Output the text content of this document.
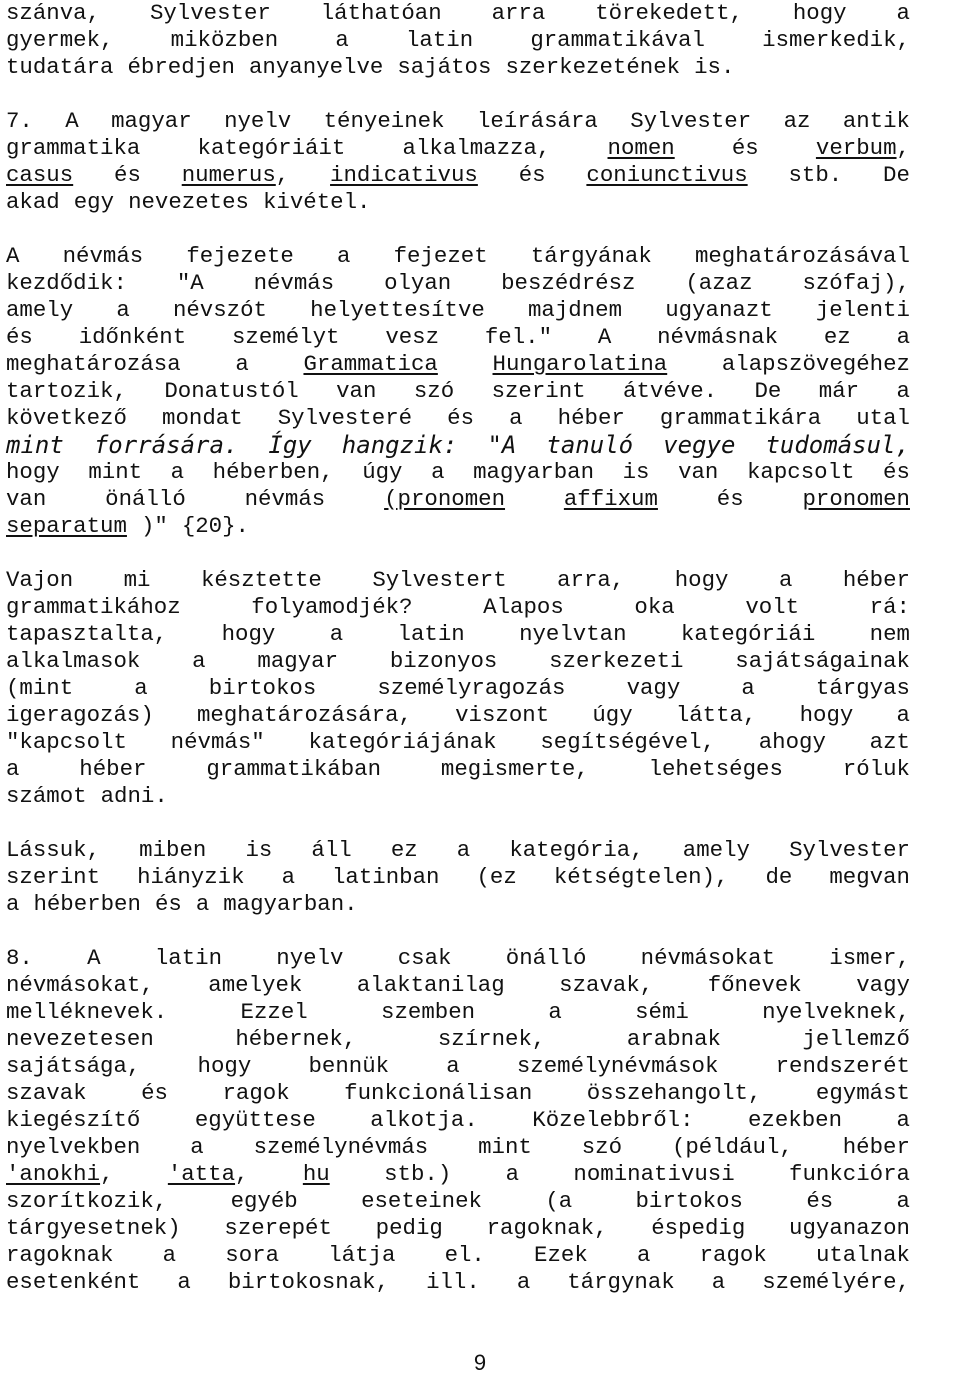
szánva, Sylvester láthatóan arra törekedett, hogy a
gyermek,	miközben	a	latin	grammatikával	ismerkedik,
tudatára ébredjen anyanyelve sajátos szerkezetének is.
7. A magyar nyelv tényeinek leírására Sylvester az antik
grammatika	kategóriáit	alkalmazza,	nomen	és	verbum,
casus és numerus, indicativus és coniunctivus stb. De
akad egy nevezetes kivétel.
A névmás fejezete a fejezet tárgyának meghatározásával
kezdődik: "A névmás olyan beszédrész (azaz szófaj),
amely a névszót helyettesítve majdnem ugyanazt jelenti
és időnként személyt vesz fel." A névmásnak ez a
meghatározása a Grammatica Hungarolatina alapszövegéhez
tartozik, Donatustól van szó szerint átvéve. De már a
következő mondat Sylvesteré és a héber grammatikára utal
mint forrására. Így hangzik: "A tanuló vegye tudomásul,
hogy mint a héberben, úgy a magyarban is van kapcsolt és
van	önálló	névmás	(pronomen	affixum	és	pronomen
separatum )" {20}.
Vajon mi késztette Sylvestert arra, hogy a héber
grammatikához	folyamodjék?	Alapos	oka	volt	rá:
tapasztalta, hogy a latin nyelvtan kategóriái nem
alkalmasok a magyar bizonyos szerkezeti sajátságainak
(mint	a	birtokos	személyragozás	vagy	a	tárgyas
igeragozás) meghatározására, viszont úgy látta, hogy a
"kapcsolt névmás" kategóriájának segítségével, ahogy azt
a	héber	grammatikában	megismerte,	lehetséges	róluk
számot adni.
Lássuk, miben is áll ez a kategória, amely Sylvester
szerint hiányzik a latinban (ez kétségtelen), de megvan
a héberben és a magyarban.
8. A latin nyelv csak önálló névmásokat ismer,
névmásokat, amelyek alaktanilag szavak, főnevek vagy
melléknevek.	Ezzel	szemben	a	sémi	nyelveknek,
nevezetesen	hébernek,	szírnek,	arabnak	jellemző
sajátsága,	hogy	bennük	a	személynévmások	rendszerét
szavak és ragok funkcionálisan összehangolt, egymást
kiegészítő együttese alkotja. Közelebbről: ezekben a
nyelvekben a személynévmás mint szó (például, héber
'anokhi, 'atta, hu stb.) a nominativusi funkcióra
szorítkozik,	egyéb	eseteinek	(a	birtokos	és	a
tárgyesetnek) szerepét pedig ragoknak, éspedig ugyanazon
ragoknak a sora látja el. Ezek a ragok utalnak
esetenként a birtokosnak, ill. a tárgynak a személyére,
9
